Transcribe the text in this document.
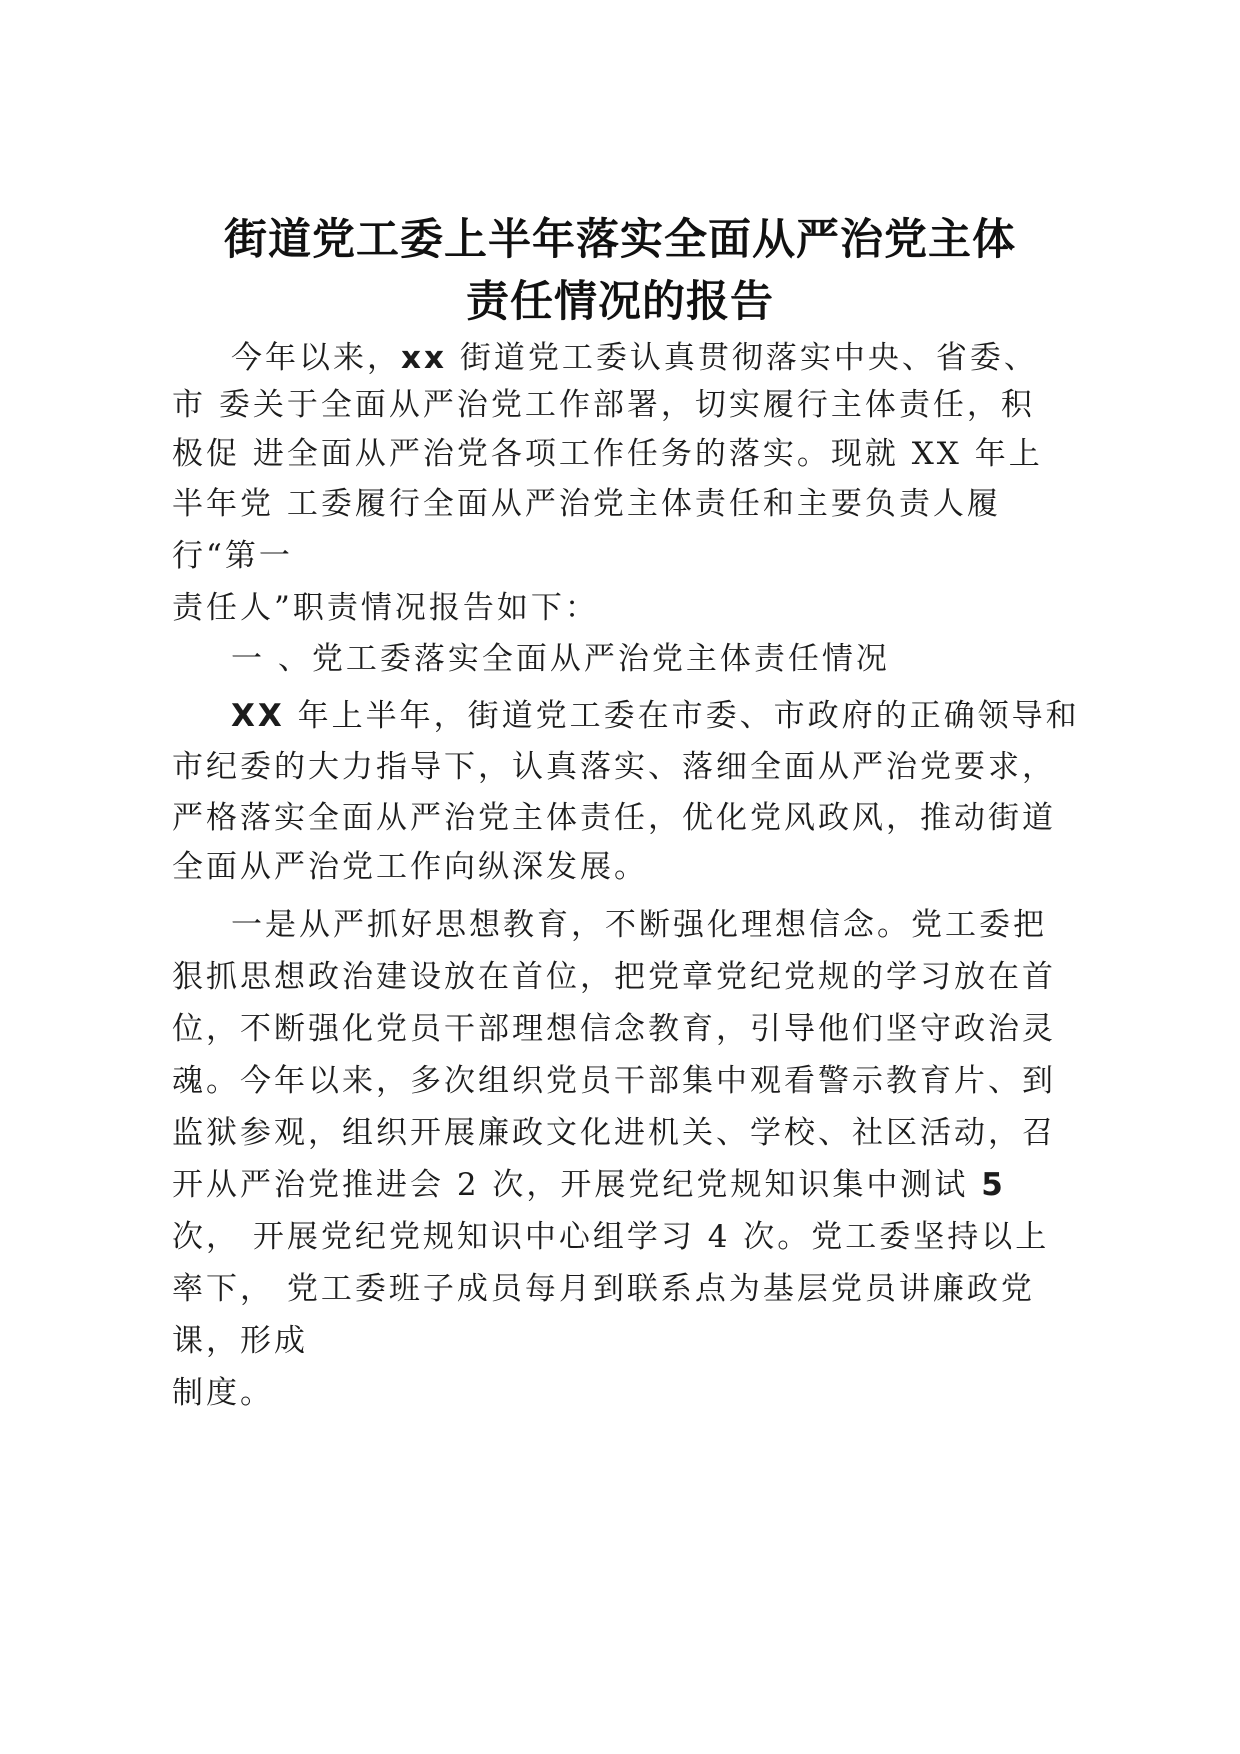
街道党工委上半年落实全面从严治党主体
责任情况的报告
今年以来，xx 街道党工委认真贯彻落实中央、省委、
市 委关于全面从严治党工作部署，切实履行主体责任，积
极促 进全面从严治党各项工作任务的落实。现就 XX 年上
半年党 工委履行全面从严治党主体责任和主要负责人履
行“第一
责任人”职责情况报告如下：
一 、党工委落实全面从严治党主体责任情况
XX 年上半年，街道党工委在市委、市政府的正确领导和
市纪委的大力指导下，认真落实、落细全面从严治党要求，
严格落实全面从严治党主体责任，优化党风政风，推动街道
全面从严治党工作向纵深发展。
一是从严抓好思想教育，不断强化理想信念。党工委把
狠抓思想政治建设放在首位，把党章党纪党规的学习放在首
位，不断强化党员干部理想信念教育，引导他们坚守政治灵
魂。今年以来，多次组织党员干部集中观看警示教育片、到
监狱参观，组织开展廉政文化进机关、学校、社区活动，召
开从严治党推进会 2 次，开展党纪党规知识集中测试 5
次， 开展党纪党规知识中心组学习 4 次。党工委坚持以上
率下， 党工委班子成员每月到联系点为基层党员讲廉政党
课，形成
制度。
